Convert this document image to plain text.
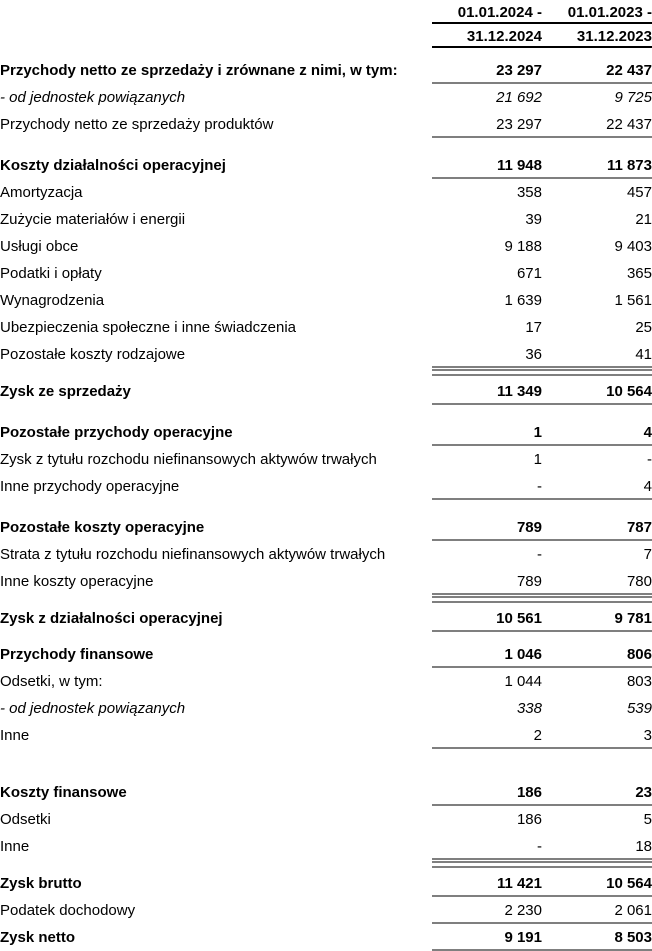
	01.01.2024 -	01.01.2023 -
	31.12.2024	31.12.2023

Przychody netto ze sprzedaży i zrównane z nimi, w tym:	23 297	22 437
- od jednostek powiązanych	21 692	9 725
Przychody netto ze sprzedaży produktów	23 297	22 437

Koszty działalności operacyjnej	11 948	11 873
Amortyzacja	358	457
Zużycie materiałów i energii	39	21
Usługi obce	9 188	9 403
Podatki i opłaty	671	365
Wynagrodzenia	1 639	1 561
Ubezpieczenia społeczne i inne świadczenia	17	25
Pozostałe koszty rodzajowe	36	41

Zysk ze sprzedaży	11 349	10 564

Pozostałe przychody operacyjne	1	4
Zysk z tytułu rozchodu niefinansowych aktywów trwałych	1	-
Inne przychody operacyjne	-	4

Pozostałe koszty operacyjne	789	787
Strata z tytułu rozchodu niefinansowych aktywów trwałych	-	7
Inne koszty operacyjne	789	780

Zysk z działalności operacyjnej	10 561	9 781

Przychody finansowe	1 046	806
Odsetki, w tym:	1 044	803
- od jednostek powiązanych	338	539
Inne	2	3

Koszty finansowe	186	23
Odsetki	186	5
Inne	-	18

Zysk brutto	11 421	10 564
Podatek dochodowy	2 230	2 061
Zysk netto	9 191	8 503
